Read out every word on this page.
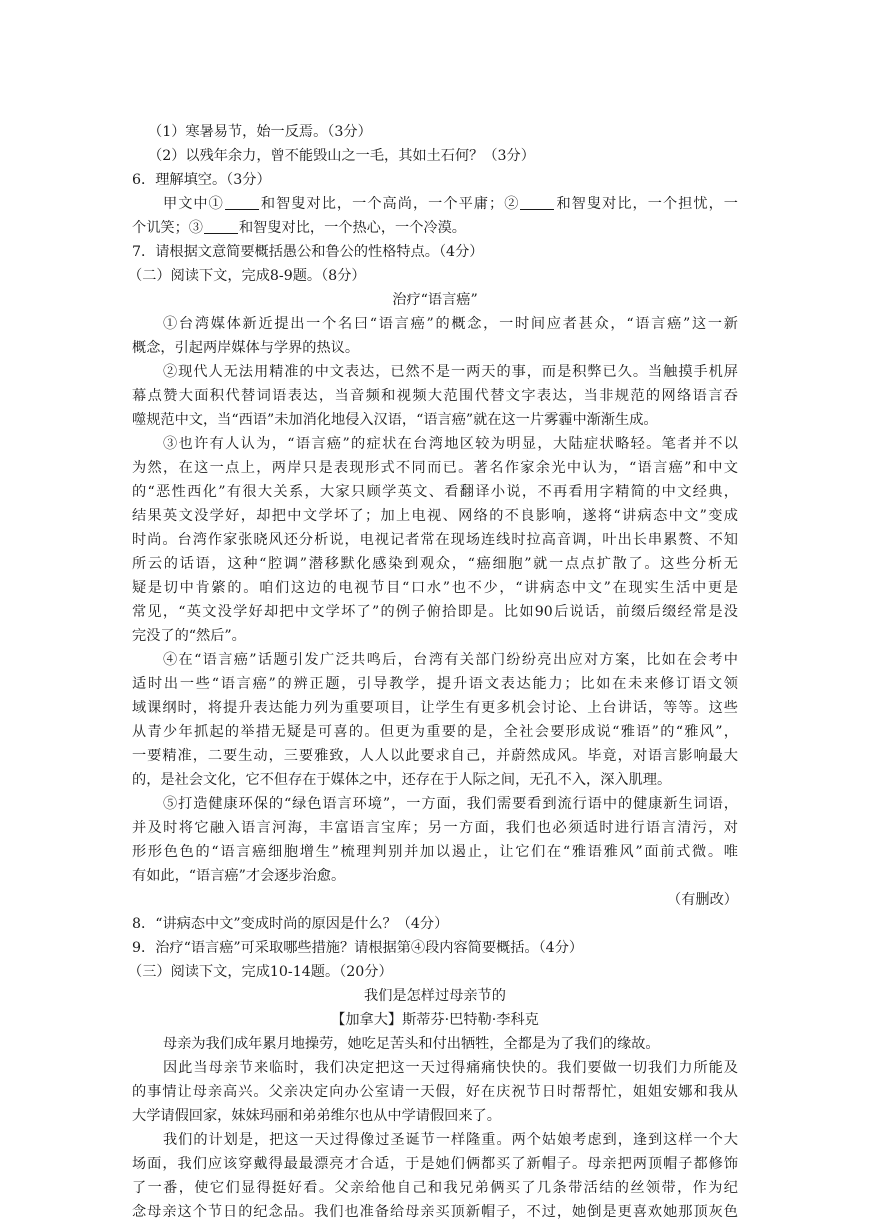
（1）寒暑易节，始一反焉。（3分）
（2）以残年余力，曾不能毁山之一毛，其如土石何？（3分）
6．理解填空。（3分）
甲文中①	和智叟对比，一个高尚，一个平庸；②	和智叟对比，一个担忧，一
个讥笑；③	和智叟对比，一个热心，一个冷漠。
7．请根据文意简要概括愚公和鲁公的性格特点。（4分）
（二）阅读下文，完成8-9题。（8分）
治疗“语言癌”
①台湾媒体新近提出一个名曰“语言癌”的概念，一时间应者甚众，“语言癌”这一新
概念，引起两岸媒体与学界的热议。
②现代人无法用精准的中文表达，已然不是一两天的事，而是积弊已久。当触摸手机屏
幕点赞大面积代替词语表达，当音频和视频大范围代替文字表达，当非规范的网络语言吞
噬规范中文，当“西语”未加消化地侵入汉语，“语言癌”就在这一片雾霾中渐渐生成。
③也许有人认为，“语言癌”的症状在台湾地区较为明显，大陆症状略轻。笔者并不以
为然，在这一点上，两岸只是表现形式不同而已。著名作家余光中认为，“语言癌”和中文
的“恶性西化”有很大关系，大家只顾学英文、看翻译小说，不再看用字精简的中文经典，
结果英文没学好，却把中文学坏了；加上电视、网络的不良影响，遂将“讲病态中文”变成
时尚。台湾作家张晓风还分析说，电视记者常在现场连线时拉高音调，叶出长串累赘、不知
所云的话语，这种“腔调”潜移默化感染到观众，“癌细胞”就一点点扩散了。这些分析无
疑是切中肯綮的。咱们这边的电视节目“口水”也不少，“讲病态中文”在现实生活中更是
常见，“英文没学好却把中文学坏了”的例子俯拾即是。比如90后说话，前缀后缀经常是没
完没了的“然后”。
④在“语言癌”话题引发广泛共鸣后，台湾有关部门纷纷亮出应对方案，比如在会考中
适时出一些“语言癌”的辨正题，引导教学，提升语文表达能力；比如在未来修订语文领
域课纲时，将提升表达能力列为重要项目，让学生有更多机会讨论、上台讲话，等等。这些
从青少年抓起的举措无疑是可喜的。但更为重要的是，全社会要形成说“雅语”的“雅风”，
一要精准，二要生动，三要雅致，人人以此要求自己，并蔚然成风。毕竟，对语言影响最大
的，是社会文化，它不但存在于媒体之中，还存在于人际之间，无孔不入，深入肌理。
⑤打造健康环保的“绿色语言环境”，一方面，我们需要看到流行语中的健康新生词语，
并及时将它融入语言河海，丰富语言宝库；另一方面，我们也必须适时进行语言清污，对
形形色色的“语言癌细胞增生”梳理判别并加以遏止，让它们在“雅语雅风”面前式微。唯
有如此，“语言癌”才会逐步治愈。
（有删改）
8．“讲病态中文”变成时尚的原因是什么？（4分）
9．治疗“语言癌”可采取哪些措施？请根据第④段内容简要概括。（4分）
（三）阅读下文，完成10-14题。（20分）
我们是怎样过母亲节的
【加拿大】斯蒂芬·巴特勒·李科克
母亲为我们成年累月地操劳，她吃足苦头和付出牺牲，全都是为了我们的缘故。
因此当母亲节来临时，我们决定把这一天过得痛痛快快的。我们要做一切我们力所能及
的事情让母亲高兴。父亲决定向办公室请一天假，好在庆祝节日时帮帮忙，姐姐安娜和我从
大学请假回家，妹妹玛丽和弟弟维尔也从中学请假回来了。
我们的计划是，把这一天过得像过圣诞节一样隆重。两个姑娘考虑到，逢到这样一个大
场面，我们应该穿戴得最最漂亮才合适，于是她们俩都买了新帽子。母亲把两顶帽子都修饰
了一番，使它们显得挺好看。父亲给他自己和我兄弟俩买了几条带活结的丝领带，作为纪
念母亲这个节日的纪念品。我们也准备给母亲买顶新帽子，不过，她倒是更喜欢她那顶灰色
